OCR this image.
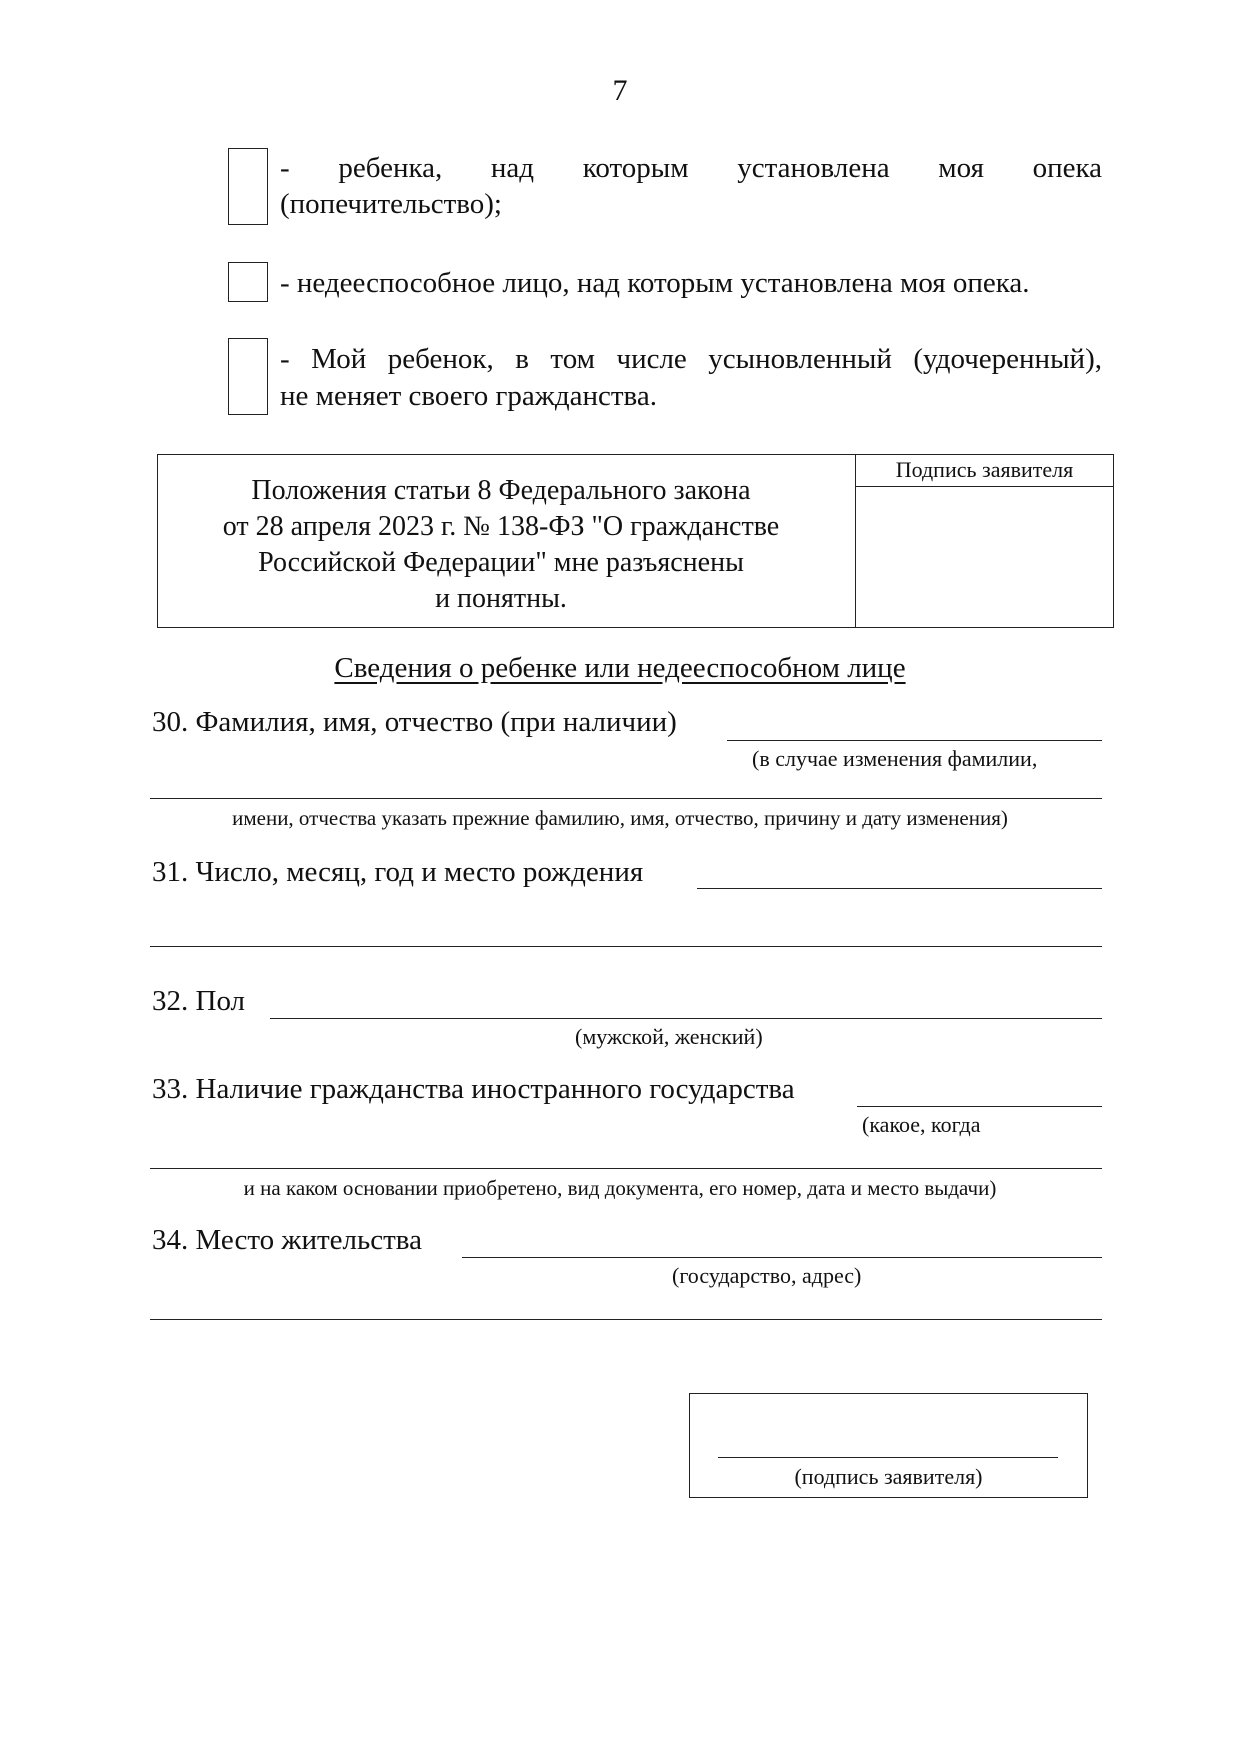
7
- ребенка, над которым установлена моя опека
(попечительство);
- недееспособное лицо, над которым установлена моя опека.
- Мой ребенок, в том числе усыновленный (удочеренный),
не меняет своего гражданства.
Положения статьи 8 Федерального закона
от 28 апреля 2023 г. № 138-ФЗ "О гражданстве
Российской Федерации" мне разъяснены
и понятны.
Подпись заявителя
Сведения о ребенке или недееспособном лице
30. Фамилия, имя, отчество (при наличии)
(в случае изменения фамилии,
имени, отчества указать прежние фамилию, имя, отчество, причину и дату изменения)
31. Число, месяц, год и место рождения
32. Пол
(мужской, женский)
33. Наличие гражданства иностранного государства
(какое, когда
и на каком основании приобретено, вид документа, его номер, дата и место выдачи)
34. Место жительства
(государство, адрес)
(подпись заявителя)
